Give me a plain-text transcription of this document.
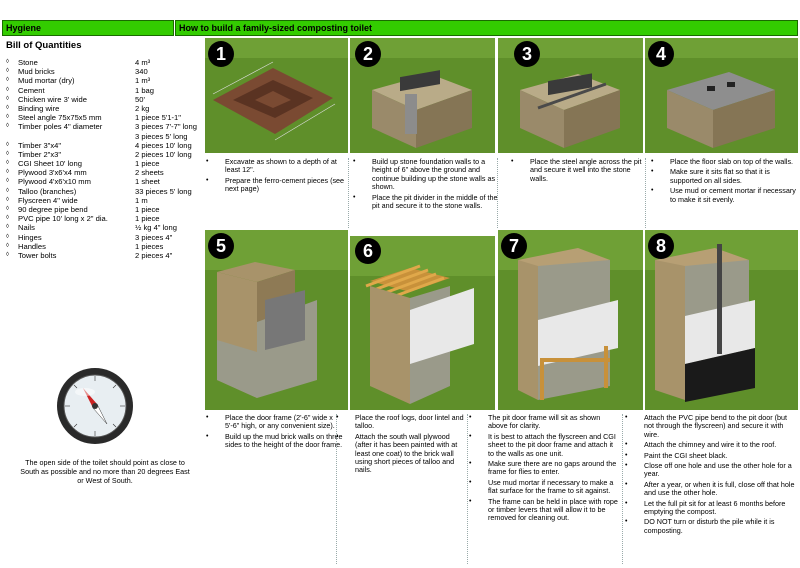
Hygiene	How to build a family-sized composting toilet
Bill of Quantities
◊	Stone	4 m³
◊	Mud bricks	340
◊	Mud mortar (dry)	1 m³
◊	Cement	1 bag
◊	Chicken wire 3' wide	50'
◊	Binding wire	2 kg
◊	Steel angle 75x75x5 mm	1 piece 5'1-1"
◊	Timber poles 4" diameter	3 pieces 7'-7" long
3 pieces 5' long
◊	Timber 3"x4"	4 pieces 10' long
◊	Timber 2"x3"	2 pieces 10' long
◊	CGI Sheet 10' long	1 piece
◊	Plywood 3'x6'x4 mm	2 sheets
◊	Plywood 4'x6'x10 mm	1 sheet
◊	Talloo (branches)	33 pieces 5' long
◊	Flyscreen 4" wide	1 m
◊	90 degree pipe bend	1 piece
◊	PVC pipe 10' long x 2" dia.	1 piece
◊	Nails	½ kg 4" long
◊	Hinges	3 pieces 4"
◊	Handles	1 pieces
◊	Tower bolts	2 pieces 4"
The open side of the toilet should point as close to South as possible and no more than 20 degrees East or West of South.
1	2	3	4
• Excavate as shown to a depth of at least 12".
• Prepare the ferro-cement pieces (see next page)
• Build up stone foundation walls to a height of 6" above the ground and continue building up the stone walls as shown.
• Place the pit divider in the middle of the pit and secure it to the stone walls.
• Place the steel angle across the pit and secure it well into the stone walls.
• Place the floor slab on top of the walls.
• Make sure it sits flat so that it is supported on all sides.
• Use mud or cement mortar if necessary to make it sit evenly.
5	6	7	8
• Place the door frame (2'-6" wide x 5'-6" high, or any convenient size).
• Build up the mud brick walls on three sides to the height of the door frame.
• Place the roof logs, door lintel and talloo.
• Attach the south wall plywood (after it has been painted with at least one coat) to the brick wall using short pieces of talloo and nails.
• The pit door frame will sit as shown above for clarity.
• It is best to attach the flyscreen and CGI sheet to the pit door frame and attach it to the walls as one unit.
• Make sure there are no gaps around the frame for flies to enter.
• Use mud mortar if necessary to make a flat surface for the frame to sit against.
• The frame can be held in place with rope or timber levers that will allow it to be removed for cleaning out.
• Attach the PVC pipe bend to the pit door (but not through the flyscreen) and secure it with wire.
• Attach the chimney and wire it to the roof.
• Paint the CGI sheet black.
• Close off one hole and use the other hole for a year.
• After a year, or when it is full, close off that hole and use the other hole.
• Let the full pit sit for at least 6 months before emptying the compost.
• DO NOT turn or disturb the pile while it is composting.
